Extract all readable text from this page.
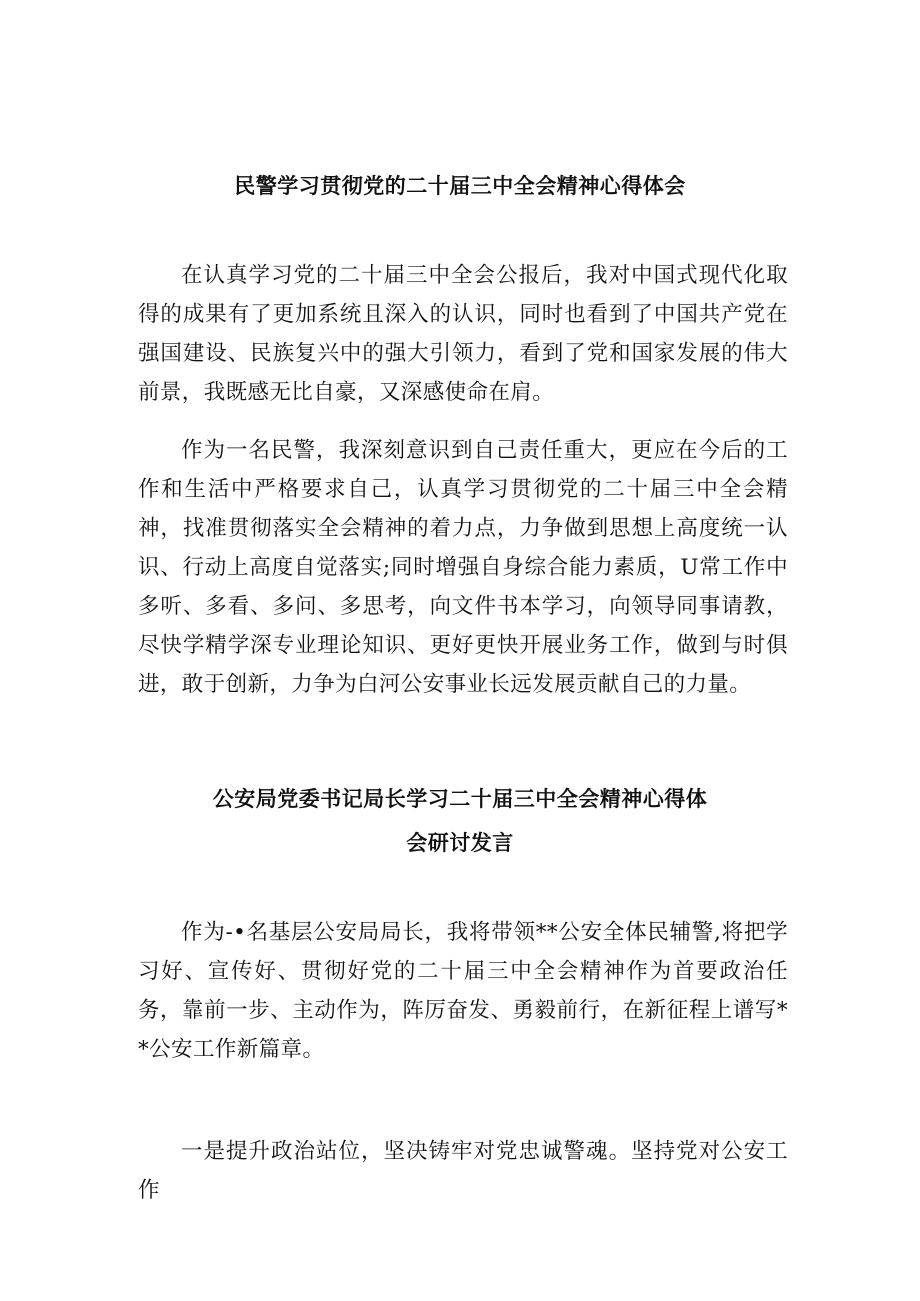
民警学习贯彻党的二十届三中全会精神心得体会
在认真学习党的二十届三中全会公报后，我对中国式现代化取得的成果有了更加系统且深入的认识，同时也看到了中国共产党在强国建设、民族复兴中的强大引领力，看到了党和国家发展的伟大前景，我既感无比自豪，又深感使命在肩。
作为一名民警，我深刻意识到自己责任重大，更应在今后的工作和生活中严格要求自己，认真学习贯彻党的二十届三中全会精神，找准贯彻落实全会精神的着力点，力争做到思想上高度统一认识、行动上高度自觉落实;同时增强自身综合能力素质，U常工作中多听、多看、多问、多思考，向文件书本学习，向领导同事请教，尽快学精学深专业理论知识、更好更快开展业务工作，做到与时俱进，敢于创新，力争为白河公安事业长远发展贡献自己的力量。
公安局党委书记局长学习二十届三中全会精神心得体
会研讨发言
作为-•名基层公安局局长，我将带领**公安全体民辅警,将把学习好、宣传好、贯彻好党的二十届三中全会精神作为首要政治任务，靠前一步、主动作为，阵厉奋发、勇毅前行，在新征程上谱写**公安工作新篇章。
一是提升政治站位，坚决铸牢对党忠诚警魂。坚持党对公安工作
